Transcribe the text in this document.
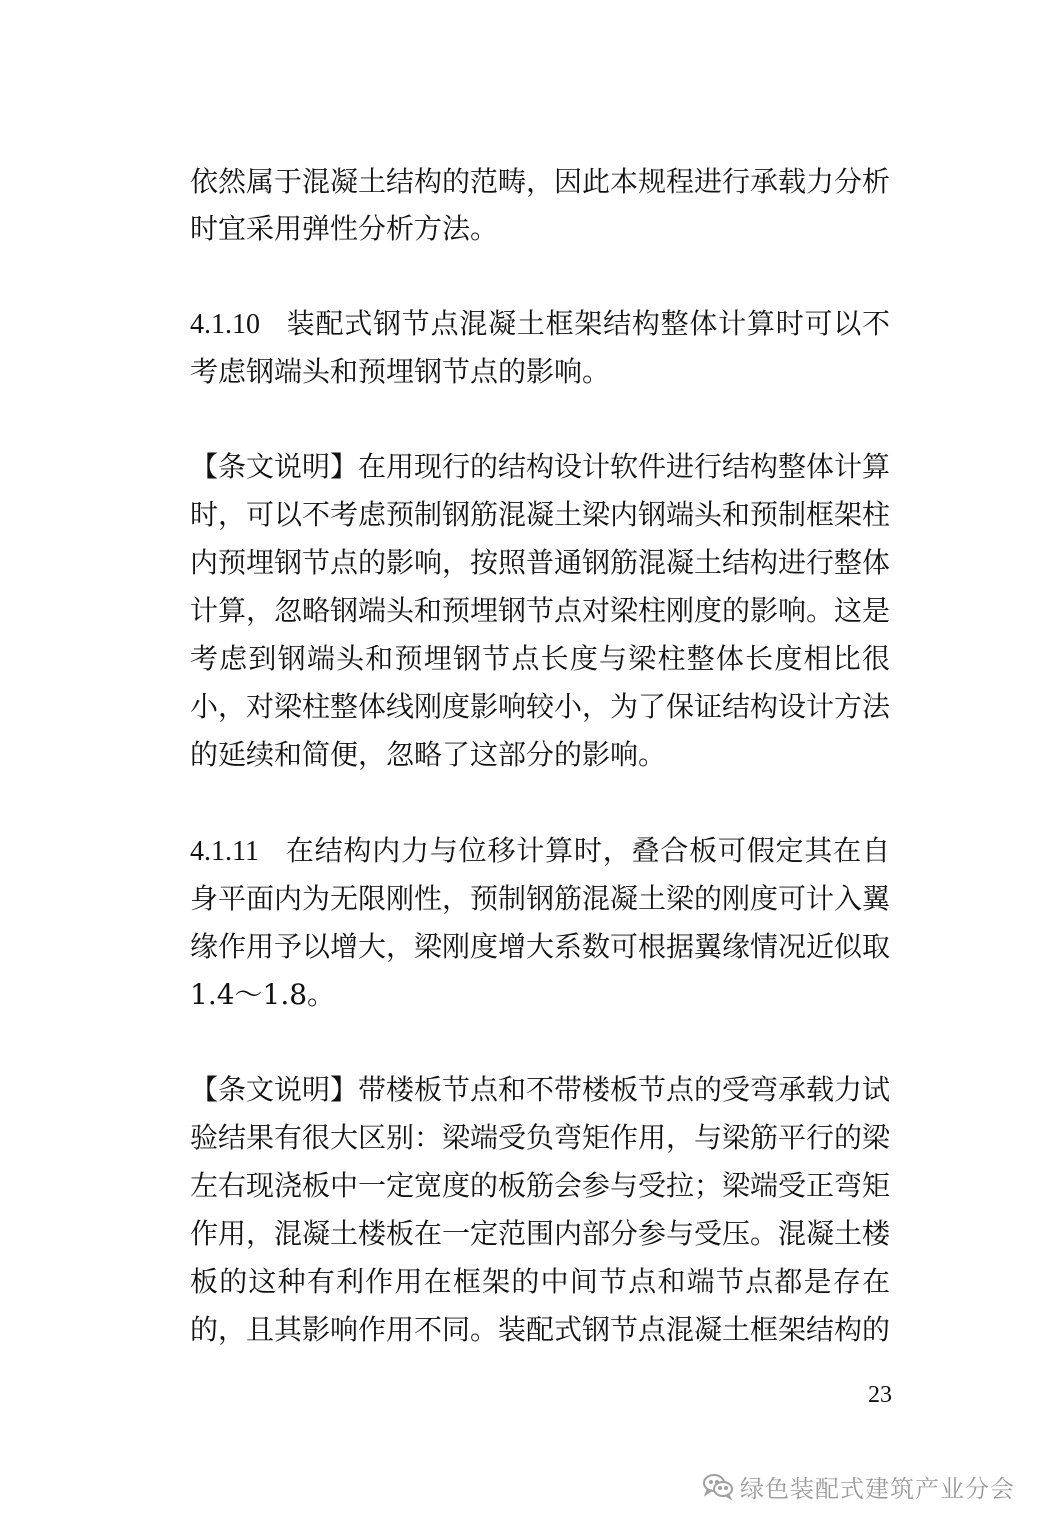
依然属于混凝土结构的范畴，因此本规程进行承载力分析
时宜采用弹性分析方法。
4.1.10 装配式钢节点混凝土框架结构整体计算时可以不
考虑钢端头和预埋钢节点的影响。
【条文说明】在用现行的结构设计软件进行结构整体计算
时，可以不考虑预制钢筋混凝土梁内钢端头和预制框架柱
内预埋钢节点的影响，按照普通钢筋混凝土结构进行整体
计算，忽略钢端头和预埋钢节点对梁柱刚度的影响。这是
考虑到钢端头和预埋钢节点长度与梁柱整体长度相比很
小，对梁柱整体线刚度影响较小，为了保证结构设计方法
的延续和简便，忽略了这部分的影响。
4.1.11 在结构内力与位移计算时，叠合板可假定其在自
身平面内为无限刚性，预制钢筋混凝土梁的刚度可计入翼
缘作用予以增大，梁刚度增大系数可根据翼缘情况近似取
1.4～1.8。
【条文说明】带楼板节点和不带楼板节点的受弯承载力试
验结果有很大区别：梁端受负弯矩作用，与梁筋平行的梁
左右现浇板中一定宽度的板筋会参与受拉；梁端受正弯矩
作用，混凝土楼板在一定范围内部分参与受压。混凝土楼
板的这种有利作用在框架的中间节点和端节点都是存在
的，且其影响作用不同。装配式钢节点混凝土框架结构的
23
绿色装配式建筑产业分会
